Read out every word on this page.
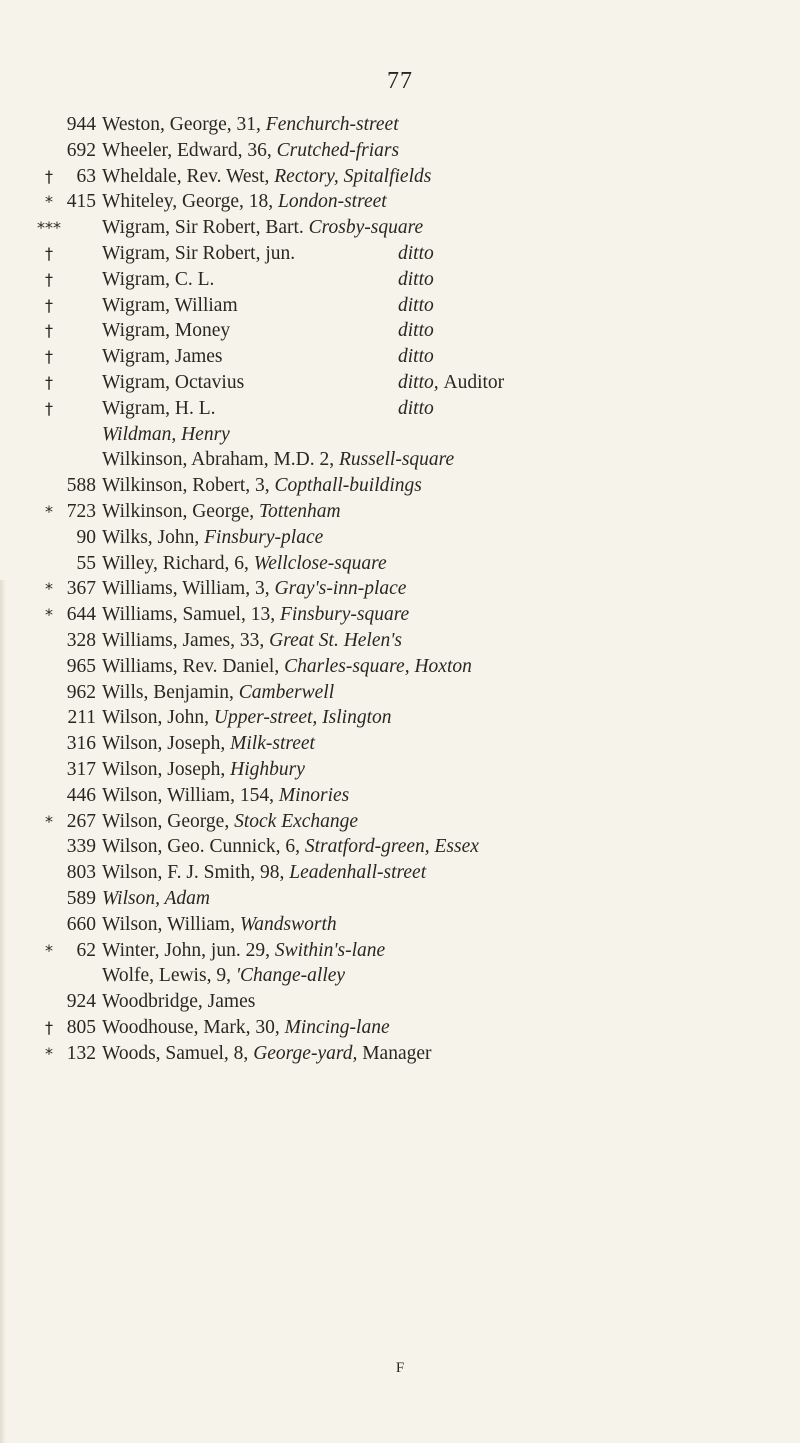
77
944 Weston, George, 31, Fenchurch-street
692 Wheeler, Edward, 36, Crutched-friars
†	63 Wheldale, Rev. West, Rectory, Spitalfields
* 415 Whiteley, George, 18, London-street
***	Wigram, Sir Robert, Bart. Crosby-square
†	Wigram, Sir Robert, jun.	ditto
†	Wigram, C. L.	ditto
†	Wigram, William	ditto
†	Wigram, Money	ditto
†	Wigram, James	ditto
†	Wigram, Octavius	ditto, Auditor
†	Wigram, H. L.	ditto
Wildman, Henry
Wilkinson, Abraham, M.D. 2, Russell-square
588 Wilkinson, Robert, 3, Copthall-buildings
* 723 Wilkinson, George, Tottenham
90 Wilks, John, Finsbury-place
55 Willey, Richard, 6, Wellclose-square
* 367 Williams, William, 3, Gray's-inn-place
* 644 Williams, Samuel, 13, Finsbury-square
328 Williams, James, 33, Great St. Helen's
965 Williams, Rev. Daniel, Charles-square, Hoxton
962 Wills, Benjamin, Camberwell
211 Wilson, John, Upper-street, Islington
316 Wilson, Joseph, Milk-street
317 Wilson, Joseph, Highbury
446 Wilson, William, 154, Minories
* 267 Wilson, George, Stock Exchange
339 Wilson, Geo. Cunnick, 6, Stratford-green, Essex
803 Wilson, F. J. Smith, 98, Leadenhall-street
589 Wilson, Adam
660 Wilson, William, Wandsworth
*	62 Winter, John, jun. 29, Swithin's-lane
Wolfe, Lewis, 9, 'Change-alley
924 Woodbridge, James
† 805 Woodhouse, Mark, 30, Mincing-lane
* 132 Woods, Samuel, 8, George-yard, Manager
F
